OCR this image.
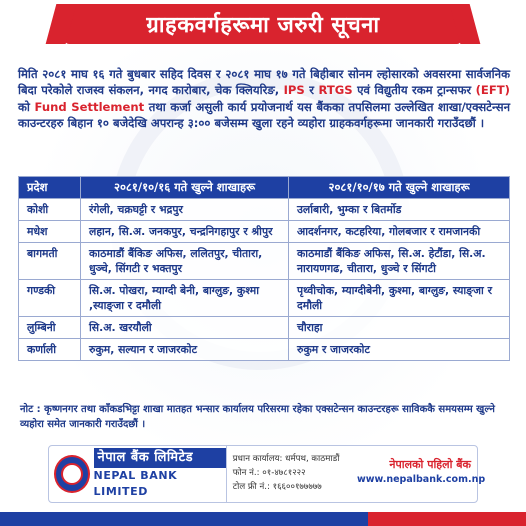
ग्राहकवर्गहरूमा जरुरी सूचना

मिति २०८१ माघ १६ गते बुधबार सहिद दिवस र २०८१ माघ १७ गते बिहीबार सोनम ल्होसारको अवसरमा सार्वजनिक बिदा परेकोले राजस्व संकलन, नगद कारोबार, चेक क्लियरिङ, IPS र RTGS एवं विद्युतीय रकम ट्रान्सफर (EFT) को Fund Settlement तथा कर्जा असुली कार्य प्रयोजनार्थ यस बैंकका तपसिलमा उल्लेखित शाखा/एक्सटेन्सन काउन्टरहरु बिहान १० बजेदेखि अपरान्ह ३:०० बजेसम्म खुला रहने व्यहोरा ग्राहकवर्गहरूमा जानकारी गराउँदछौं ।

प्रदेश	२०८१/१०/१६ गते खुल्ने शाखाहरू	२०८१/१०/१७ गते खुल्ने शाखाहरू
कोशी	रंगेली, चक्रघट्टी र भद्रपुर	उर्लाबारी, भुम्का र बितर्मोड
मधेश	लहान, सि.अ. जनकपुर, चन्द्रनिगहापुर र श्रीपुर	आदर्शनगर, कटहरिया, गोलबजार र रामजानकी
बागमती	काठमाडौं बैंकिङ अफिस, ललितपुर, चीतारा, धुञ्चे, सिंगटी र भक्तपुर	काठमाडौं बैंकिङ अफिस, सि.अ. हेटौंडा, सि.अ. नारायणगढ, चीतारा, धुञ्चे र सिंगटी
गण्डकी	सि.अ. पोखरा, म्याग्दी बेनी, बाग्लुङ, कुश्मा ,स्याङ्जा र दमौली	पृथ्वीचोक, म्याग्दीबेनी, कुश्मा, बाग्लुङ, स्याङ्जा र दमौली
लुम्बिनी	सि.अ. खरयौली	चौराहा
कर्णाली	रुकुम, सल्यान र जाजरकोट	रुकुम र जाजरकोट

नोट : कृष्णनगर तथा काँकडभिट्टा शाखा मातहत भन्सार कार्यालय परिसरमा रहेका एक्सटेन्सन काउन्टरहरू साविककै समयसम्म खुल्ने व्यहोरा समेत जानकारी गराउँदछौं ।

नेपाल बैंक लिमिटेड
NEPAL BANK LIMITED
प्रधान कार्यालय: धर्मपथ, काठमाडौं
फोन नं.: ०१-४७८१२२२
टोल फ्री नं.: १६६००१७७७७७
नेपालको पहिलो बैंक
www.nepalbank.com.np
